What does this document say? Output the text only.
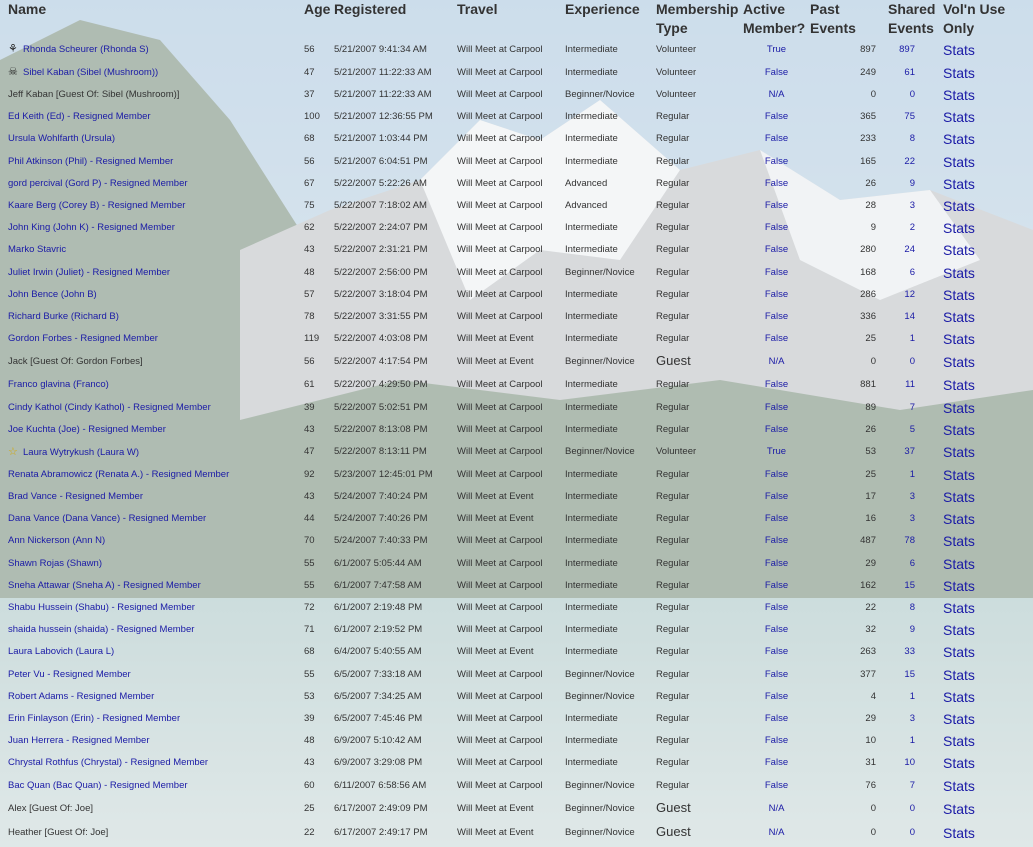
Name	Age	Registered	Travel	Experience	Membership Type	Active Member?	Past Events	Shared Events	Vol'n Use Only
⚘ Rhonda Scheurer (Rhonda S)	56	5/21/2007 9:41:34 AM	Will Meet at Carpool	Intermediate	Volunteer	True	897	897	Stats
☠ Sibel Kaban (Sibel (Mushroom))	47	5/21/2007 11:22:33 AM	Will Meet at Carpool	Intermediate	Volunteer	False	249	61	Stats
Jeff Kaban [Guest Of: Sibel (Mushroom)]	37	5/21/2007 11:22:33 AM	Will Meet at Carpool	Beginner/Novice	Volunteer	N/A	0	0	Stats
Ed Keith (Ed) - Resigned Member	100	5/21/2007 12:36:55 PM	Will Meet at Carpool	Intermediate	Regular	False	365	75	Stats
Ursula Wohlfarth (Ursula)	68	5/21/2007 1:03:44 PM	Will Meet at Carpool	Intermediate	Regular	False	233	8	Stats
Phil Atkinson (Phil) - Resigned Member	56	5/21/2007 6:04:51 PM	Will Meet at Carpool	Intermediate	Regular	False	165	22	Stats
gord percival (Gord P) - Resigned Member	67	5/22/2007 5:22:26 AM	Will Meet at Carpool	Advanced	Regular	False	26	9	Stats
Kaare Berg (Corey B) - Resigned Member	75	5/22/2007 7:18:02 AM	Will Meet at Carpool	Advanced	Regular	False	28	3	Stats
John King (John K) - Resigned Member	62	5/22/2007 2:24:07 PM	Will Meet at Carpool	Intermediate	Regular	False	9	2	Stats
Marko Stavric	43	5/22/2007 2:31:21 PM	Will Meet at Carpool	Intermediate	Regular	False	280	24	Stats
Juliet Irwin (Juliet) - Resigned Member	48	5/22/2007 2:56:00 PM	Will Meet at Carpool	Beginner/Novice	Regular	False	168	6	Stats
John Bence (John B)	57	5/22/2007 3:18:04 PM	Will Meet at Carpool	Intermediate	Regular	False	286	12	Stats
Richard Burke (Richard B)	78	5/22/2007 3:31:55 PM	Will Meet at Carpool	Intermediate	Regular	False	336	14	Stats
Gordon Forbes - Resigned Member	119	5/22/2007 4:03:08 PM	Will Meet at Event	Intermediate	Regular	False	25	1	Stats
Jack [Guest Of: Gordon Forbes]	56	5/22/2007 4:17:54 PM	Will Meet at Event	Beginner/Novice	Guest	N/A	0	0	Stats
Franco glavina (Franco)	61	5/22/2007 4:29:50 PM	Will Meet at Carpool	Intermediate	Regular	False	881	11	Stats
Cindy Kathol (Cindy Kathol) - Resigned Member	39	5/22/2007 5:02:51 PM	Will Meet at Carpool	Intermediate	Regular	False	89	7	Stats
Joe Kuchta (Joe) - Resigned Member	43	5/22/2007 8:13:08 PM	Will Meet at Carpool	Intermediate	Regular	False	26	5	Stats
☆ Laura Wytrykush (Laura W)	47	5/22/2007 8:13:11 PM	Will Meet at Carpool	Beginner/Novice	Volunteer	True	53	37	Stats
Renata Abramowicz (Renata A.) - Resigned Member	92	5/23/2007 12:45:01 PM	Will Meet at Carpool	Intermediate	Regular	False	25	1	Stats
Brad Vance - Resigned Member	43	5/24/2007 7:40:24 PM	Will Meet at Event	Intermediate	Regular	False	17	3	Stats
Dana Vance (Dana Vance) - Resigned Member	44	5/24/2007 7:40:26 PM	Will Meet at Event	Intermediate	Regular	False	16	3	Stats
Ann Nickerson (Ann N)	70	5/24/2007 7:40:33 PM	Will Meet at Carpool	Intermediate	Regular	False	487	78	Stats
Shawn Rojas (Shawn)	55	6/1/2007 5:05:44 AM	Will Meet at Carpool	Intermediate	Regular	False	29	6	Stats
Sneha Attawar (Sneha A) - Resigned Member	55	6/1/2007 7:47:58 AM	Will Meet at Carpool	Intermediate	Regular	False	162	15	Stats
Shabu Hussein (Shabu) - Resigned Member	72	6/1/2007 2:19:48 PM	Will Meet at Carpool	Intermediate	Regular	False	22	8	Stats
shaida hussein (shaida) - Resigned Member	71	6/1/2007 2:19:52 PM	Will Meet at Carpool	Intermediate	Regular	False	32	9	Stats
Laura Labovich (Laura L)	68	6/4/2007 5:40:55 AM	Will Meet at Event	Intermediate	Regular	False	263	33	Stats
Peter Vu - Resigned Member	55	6/5/2007 7:33:18 AM	Will Meet at Carpool	Beginner/Novice	Regular	False	377	15	Stats
Robert Adams - Resigned Member	53	6/5/2007 7:34:25 AM	Will Meet at Carpool	Beginner/Novice	Regular	False	4	1	Stats
Erin Finlayson (Erin) - Resigned Member	39	6/5/2007 7:45:46 PM	Will Meet at Carpool	Intermediate	Regular	False	29	3	Stats
Juan Herrera - Resigned Member	48	6/9/2007 5:10:42 AM	Will Meet at Carpool	Intermediate	Regular	False	10	1	Stats
Chrystal Rothfus (Chrystal) - Resigned Member	43	6/9/2007 3:29:08 PM	Will Meet at Carpool	Intermediate	Regular	False	31	10	Stats
Bac Quan (Bac Quan) - Resigned Member	60	6/11/2007 6:58:56 AM	Will Meet at Carpool	Beginner/Novice	Regular	False	76	7	Stats
Alex [Guest Of: Joe]	25	6/17/2007 2:49:09 PM	Will Meet at Event	Beginner/Novice	Guest	N/A	0	0	Stats
Heather [Guest Of: Joe]	22	6/17/2007 2:49:17 PM	Will Meet at Event	Beginner/Novice	Guest	N/A	0	0	Stats
